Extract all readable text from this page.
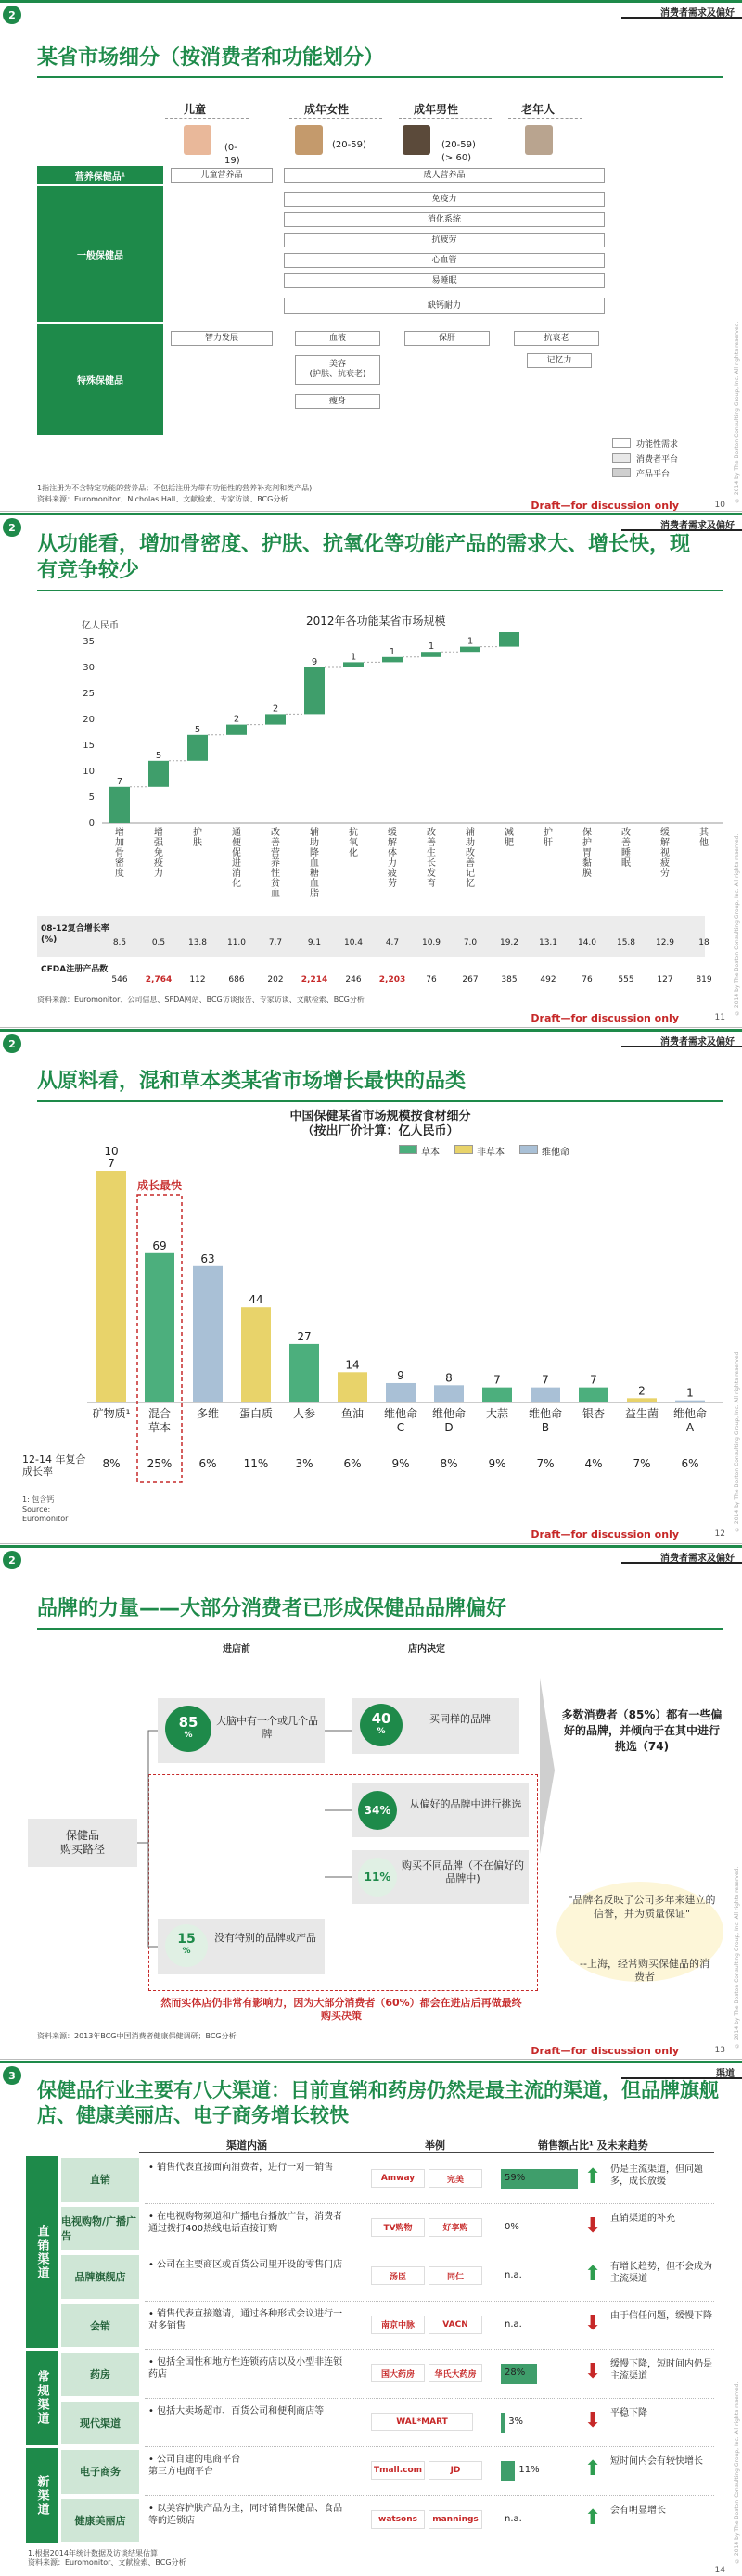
2	消费者需求及偏好
某省市场细分（按消费者和功能划分）
儿童	成年女性	成年男性	老年人
(0-19)
(20-59)	(20-59)
(> 60)
营养保健品¹
一般保健品
特殊保健品
儿童营养品	成人营养品
免疫力
消化系统
抗疲劳
心血管
易睡眠
缺钙耐力
智力发展	血液
美容
(护肤、抗衰老)
瘦身
保肝	抗衰老
记忆力
功能性需求
消费者平台
产品平台
1指注册为不含特定功能的营养品；不包括注册为带有功能性的营养补充剂和类产品)
资料来源：Euromonitor、Nicholas Hall、文献检索、专家访谈、BCG分析
Draft—for discussion only	10
© 2014 by The Boston Consulting Group, Inc. All rights reserved.
2	消费者需求及偏好
从功能看，增加骨密度、护肤、抗氧化等功能产品的需求大、增长快，现有竞争较少
2012年各功能某省市场规模
亿人民币
0
5
10
15
20
25
30
35
7
增
加
骨
密
度
5
增
强
免
疫
力
5
护
肤
2
通
便
促
进
消
化
2
改
善
营
养
性
贫
血
9
辅
助
降
血
糖
血
脂
1
抗
氧
化
1
缓
解
体
力
疲
劳
1
改
善
生
长
发
育
1
辅
助
改
善
记
忆
减
肥
护
肝
保
护
胃
黏
膜
改
善
睡
眠
缓
解
视
疲
劳
其
他
08-12复合增长率(%)
CFDA注册产品数
资料来源：Euromonitor、公司信息、SFDA网站、BCG访谈报告、专家访谈、文献检索、BCG分析
Draft—for discussion only	11
© 2014 by The Boston Consulting Group, Inc. All rights reserved.
8.5	0.5	13.8	11.0	7.7	9.1	10.4	4.7	10.9	7.0	19.2	13.1	14.0	15.8	12.9	18
546	2,764	112	686	202	2,214	246	2,203	76	267	385	492	76	555	127	819
2	消费者需求及偏好
从原料看，混和草本类某省市场增长最快的品类
中国保健某省市场规模按食材细分
（按出厂价计算：亿人民币）
草本	非草本	维他命
10
7
矿物质¹
8%
69
混合
草本
25%
63
多维
6%
44
蛋白质
11%
27
人参
3%
14
鱼油
6%
9
维他命
C
9%
8
维他命
D
8%
7
大蒜
9%
7
维他命
B
7%
7
银杏
4%
2
益生菌
7%
1
维他命
A
6%
成长最快
12-14 年复合成长率
1: 包含钙
Source:
Euromonitor
Draft—for discussion only	12
© 2014 by The Boston Consulting Group, Inc. All rights reserved.
2	消费者需求及偏好
品牌的力量——大部分消费者已形成保健品品牌偏好
进店前	店内决定
保健品
购买路径
85
%
大脑中有一个或几个品牌
40
%
买同样的品牌
34%	从偏好的品牌中进行挑选
11%
购买不同品牌（不在偏好的品牌中)
15
%
没有特别的品牌或产品
多数消费者（85%）都有一些偏好的品牌，并倾向于在其中进行挑选（74)
"品牌名反映了公司多年来建立的信誉，并为质量保证"
--上海，经常购买保健品的消费者
然而实体店仍非常有影响力，因为大部分消费者（60%）都会在进店后再做最终购买决策
资料来源：2013年BCG中国消费者健康保健调研；BCG分析
Draft—for discussion only	13
© 2014 by The Boston Consulting Group, Inc. All rights reserved.
3	渠道
保健品行业主要有八大渠道：目前直销和药房仍然是最主流的渠道，但品牌旗舰店、健康美丽店、电子商务增长较快
渠道内涵	举例	销售额占比¹ 及未来趋势
直销渠道
常规渠道
新渠道
直销
• 销售代表直接面向消费者，进行一对一销售
Amway	完美	59%	⬆ 仍是主流渠道，但问题多，成长放缓
电视购物/广播广告
• 在电视购物频道和广播电台播放广告，消费者通过拨打400热线电话直接订购	TV购物	好享购	0%	⬇ 直销渠道的补充
品牌旗舰店
• 公司在主要商区或百货公司里开设的零售门店
汤臣	同仁	n.a.	⬆ 有增长趋势，但不会成为主流渠道
会销
• 销售代表直接邀请，通过各种形式会议进行一对多销售	南京中脉	VACN	n.a.	⬇ 由于信任问题，缓慢下降
药房
• 包括全国性和地方性连锁药店以及小型非连锁药店	国大药房	华氏大药房	28%	⬇ 缓慢下降，短时间内仍是主流渠道
现代渠道
• 包括大卖场超市、百货公司和便利商店等
WAL*MART	3%	⬇ 平稳下降
电子商务
• 公司自建的电商平台
第三方电商平台	Tmall.com	JD	11% ⬆ 短时间内会有较快增长
健康美丽店
• 以美容护肤产品为主，同时销售保健品、食品等的连锁店	watsons	mannings	n.a.	⬆ 会有明显增长
1.根据2014年统计数据及访谈结果估算
资料来源：Euromonitor、文献检索、BCG分析
14
© 2014 by The Boston Consulting Group, Inc. All rights reserved.
